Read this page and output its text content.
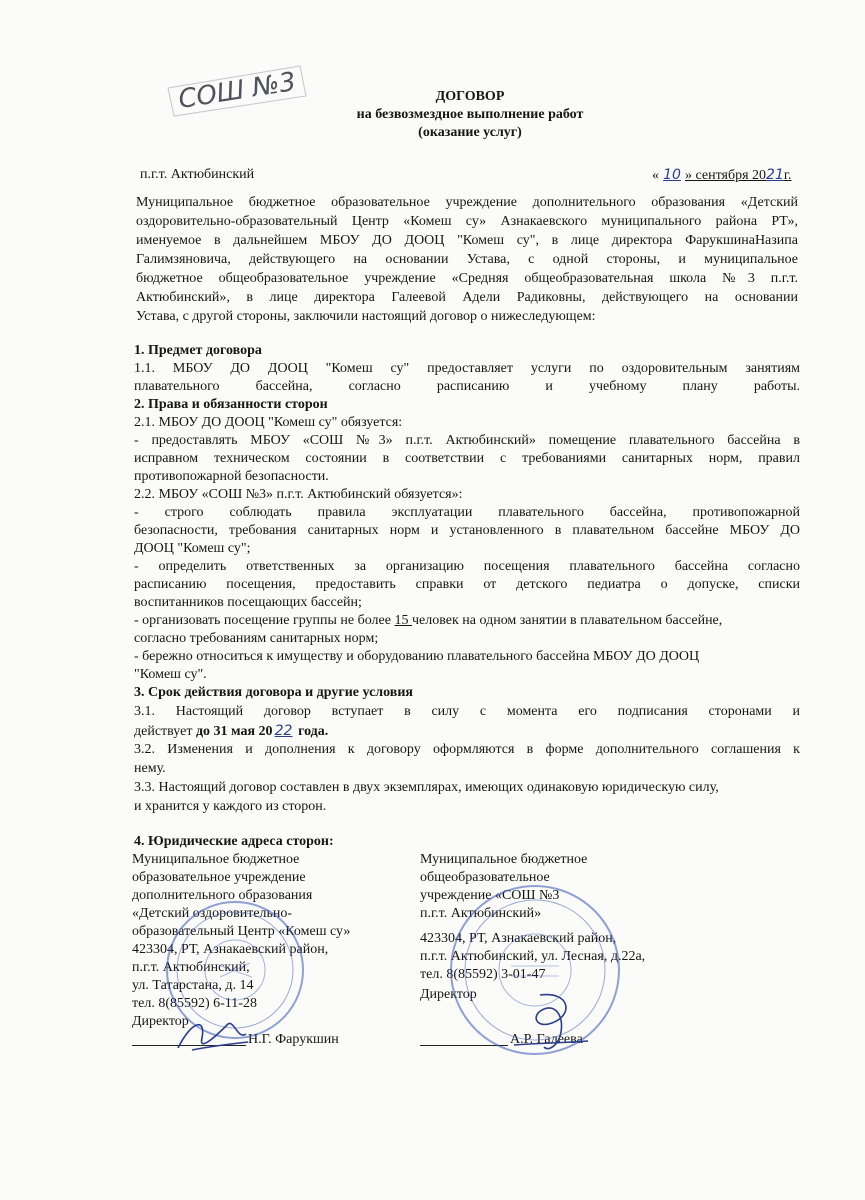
СОШ №3	ДОГОВОР
на безвозмездное выполнение работ
(оказание услуг)
п.г.т. Актюбинский	« 10 » сентября 2021г.
Муниципальное бюджетное образовательное учреждение дополнительного образования «Детский
оздоровительно-образовательный Центр «Комеш су» Азнакаевского муниципального района РТ»,
именуемое в дальнейшем МБОУ ДО ДООЦ "Комеш су", в лице директора ФарукшинаНазипа
Галимзяновича, действующего на основании Устава, с одной стороны, и муниципальное
бюджетное общеобразовательное учреждение «Средняя общеобразовательная школа №3 п.г.т.
Актюбинский», в лице директора Галеевой Адели Радиковны, действующего на основании
Устава, с другой стороны, заключили настоящий договор о нижеследующем:
1. Предмет договора
1.1. МБОУ ДО ДООЦ "Комеш су" предоставляет услуги по оздоровительным занятиям
плавательного бассейна, согласно расписанию и учебному плану работы.
2. Права и обязанности сторон
2.1. МБОУ ДО ДООЦ "Комеш су" обязуется:
- предоставлять МБОУ «СОШ №3» п.г.т. Актюбинский» помещение плавательного бассейна в
исправном техническом состоянии в соответствии с требованиями санитарных норм, правил
противопожарной безопасности.
2.2. МБОУ «СОШ №3» п.г.т. Актюбинский обязуется»:
- строго соблюдать правила эксплуатации плавательного бассейна, противопожарной
безопасности, требования санитарных норм и установленного в плавательном бассейне МБОУ ДО
ДООЦ "Комеш су";
- определить ответственных за организацию посещения плавательного бассейна согласно
расписанию посещения, предоставить справки от детского педиатра о допуске, списки
воспитанников посещающих бассейн;
- организовать посещение группы не более 15 человек на одном занятии в плавательном бассейне,
согласно требованиям санитарных норм;
- бережно относиться к имуществу и оборудованию плавательного бассейна МБОУ ДО ДООЦ
"Комеш су".
3. Срок действия договора и другие условия
3.1. Настоящий договор вступает в силу с момента его подписания сторонами и
действует до 31 мая 20 22 года.
3.2. Изменения и дополнения к договору оформляются в форме дополнительного соглашения к
нему.
3.3. Настоящий договор составлен в двух экземплярах, имеющих одинаковую юридическую силу,
и хранится у каждого из сторон.
4. Юридические адреса сторон:
Муниципальное бюджетное
образовательное учреждение
дополнительного образования
«Детский оздоровительно-
образовательный Центр «Комеш су»
423304, РТ, Азнакаевский район,
п.г.т. Актюбинский,
ул. Татарстана, д. 14
тел. 8(85592) 6-11-28
Директор
Н.Г. Фарукшин
Муниципальное бюджетное
общеобразовательное
учреждение «СОШ №3
п.г.т. Актюбинский»
423304, РТ, Азнакаевский район,
п.г.т. Актюбинский, ул. Лесная, д.22а,
тел. 8(85592) 3-01-47
Директор
А.Р. Галеева
